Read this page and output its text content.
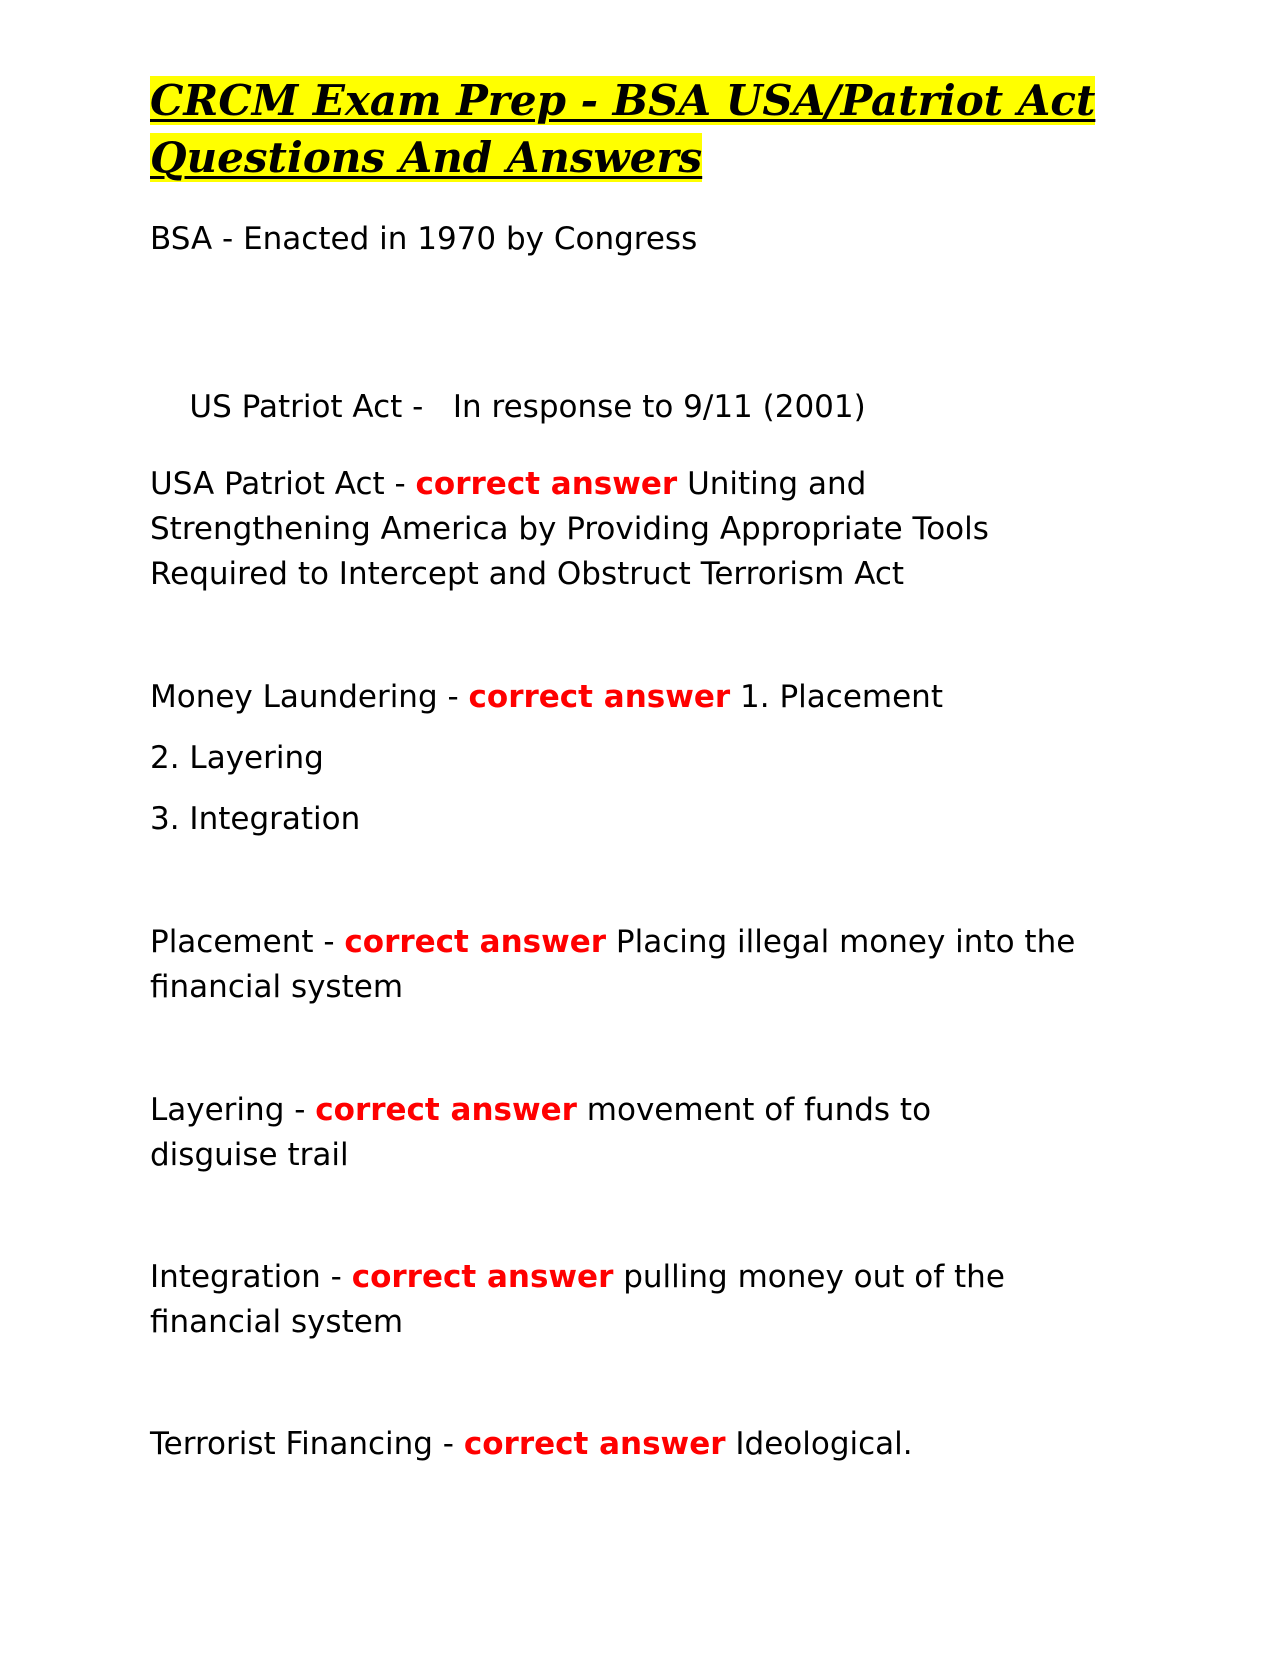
CRCM Exam Prep - BSA USA/Patriot Act
Questions And Answers
BSA - Enacted in 1970 by Congress

US Patriot Act -   In response to 9/11 (2001)

USA Patriot Act - correct answer Uniting and Strengthening America by Providing Appropriate Tools Required to Intercept and Obstruct Terrorism Act
Money Laundering - correct answer 1. Placement
2. Layering
3. Integration
Placement - correct answer Placing illegal money into the financial system
Layering - correct answer movement of funds to disguise trail
Integration - correct answer pulling money out of the financial system
Terrorist Financing - correct answer Ideological.
